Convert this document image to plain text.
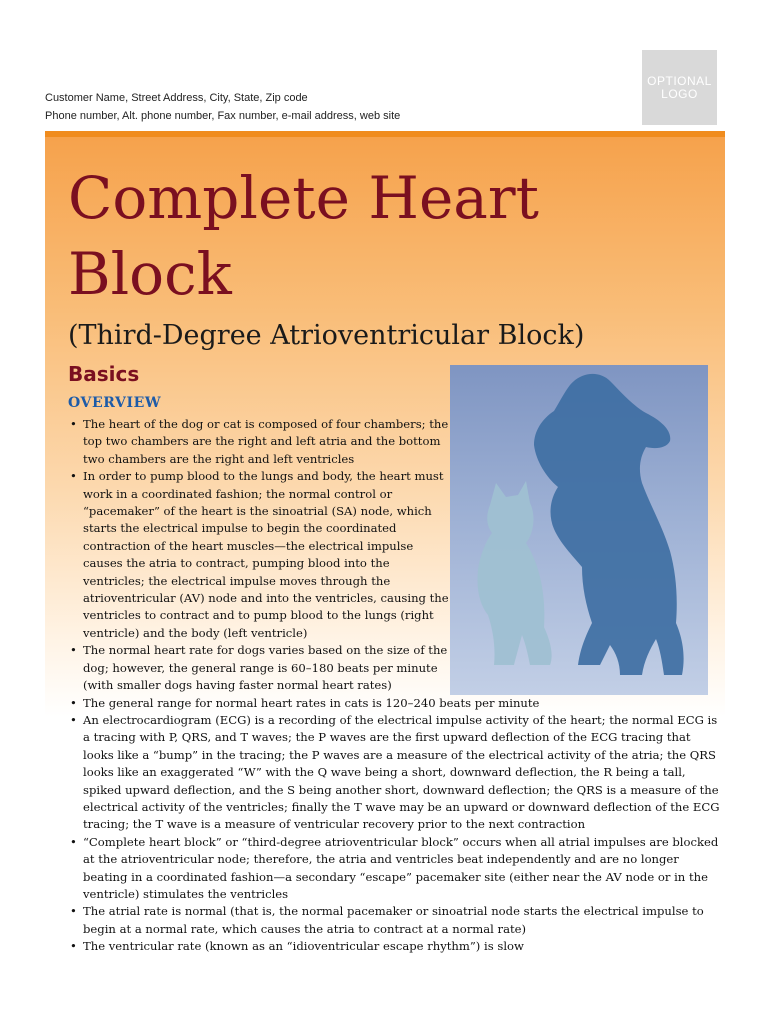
Customer Name, Street Address, City, State, Zip code
Phone number, Alt. phone number, Fax number, e-mail address, web site
OPTIONAL
LOGO
Complete Heart Block
(Third-Degree Atrioventricular Block)
Basics
OVERVIEW
• The heart of the dog or cat is composed of four chambers; the top two chambers are the right and left atria and the bottom two chambers are the right and left ventricles
• In order to pump blood to the lungs and body, the heart must work in a coordinated fashion; the normal control or “pacemaker” of the heart is the sinoatrial (SA) node, which starts the electrical impulse to begin the coordinated contraction of the heart muscles—the electrical impulse causes the atria to contract, pumping blood into the ventricles; the electrical impulse moves through the atrioventricular (AV) node and into the ventricles, causing the ventricles to contract and to pump blood to the lungs (right ventricle) and the body (left ventricle)
• The normal heart rate for dogs varies based on the size of the dog; however, the general range is 60–180 beats per minute (with smaller dogs having faster normal heart rates)
• The general range for normal heart rates in cats is 120–240 beats per minute
• An electrocardiogram (ECG) is a recording of the electrical impulse activity of the heart; the normal ECG is a tracing with P, QRS, and T waves; the P waves are the first upward deflection of the ECG tracing that looks like a “bump” in the tracing; the P waves are a measure of the electrical activity of the atria; the QRS looks like an exaggerated “W” with the Q wave being a short, downward deflection, the R being a tall, spiked upward deflection, and the S being another short, downward deflection; the QRS is a measure of the electrical activity of the ventricles; finally the T wave may be an upward or downward deflection of the ECG tracing; the T wave is a measure of ventricular recovery prior to the next contraction
• “Complete heart block” or “third-degree atrioventricular block” occurs when all atrial impulses are blocked at the atrioventricular node; therefore, the atria and ventricles beat independently and are no longer beating in a coordinated fashion—a secondary “escape” pacemaker site (either near the AV node or in the ventricle) stimulates the ventricles
• The atrial rate is normal (that is, the normal pacemaker or sinoatrial node starts the electrical impulse to begin at a normal rate, which causes the atria to contract at a normal rate)
• The ventricular rate (known as an “idioventricular escape rhythm”) is slow
